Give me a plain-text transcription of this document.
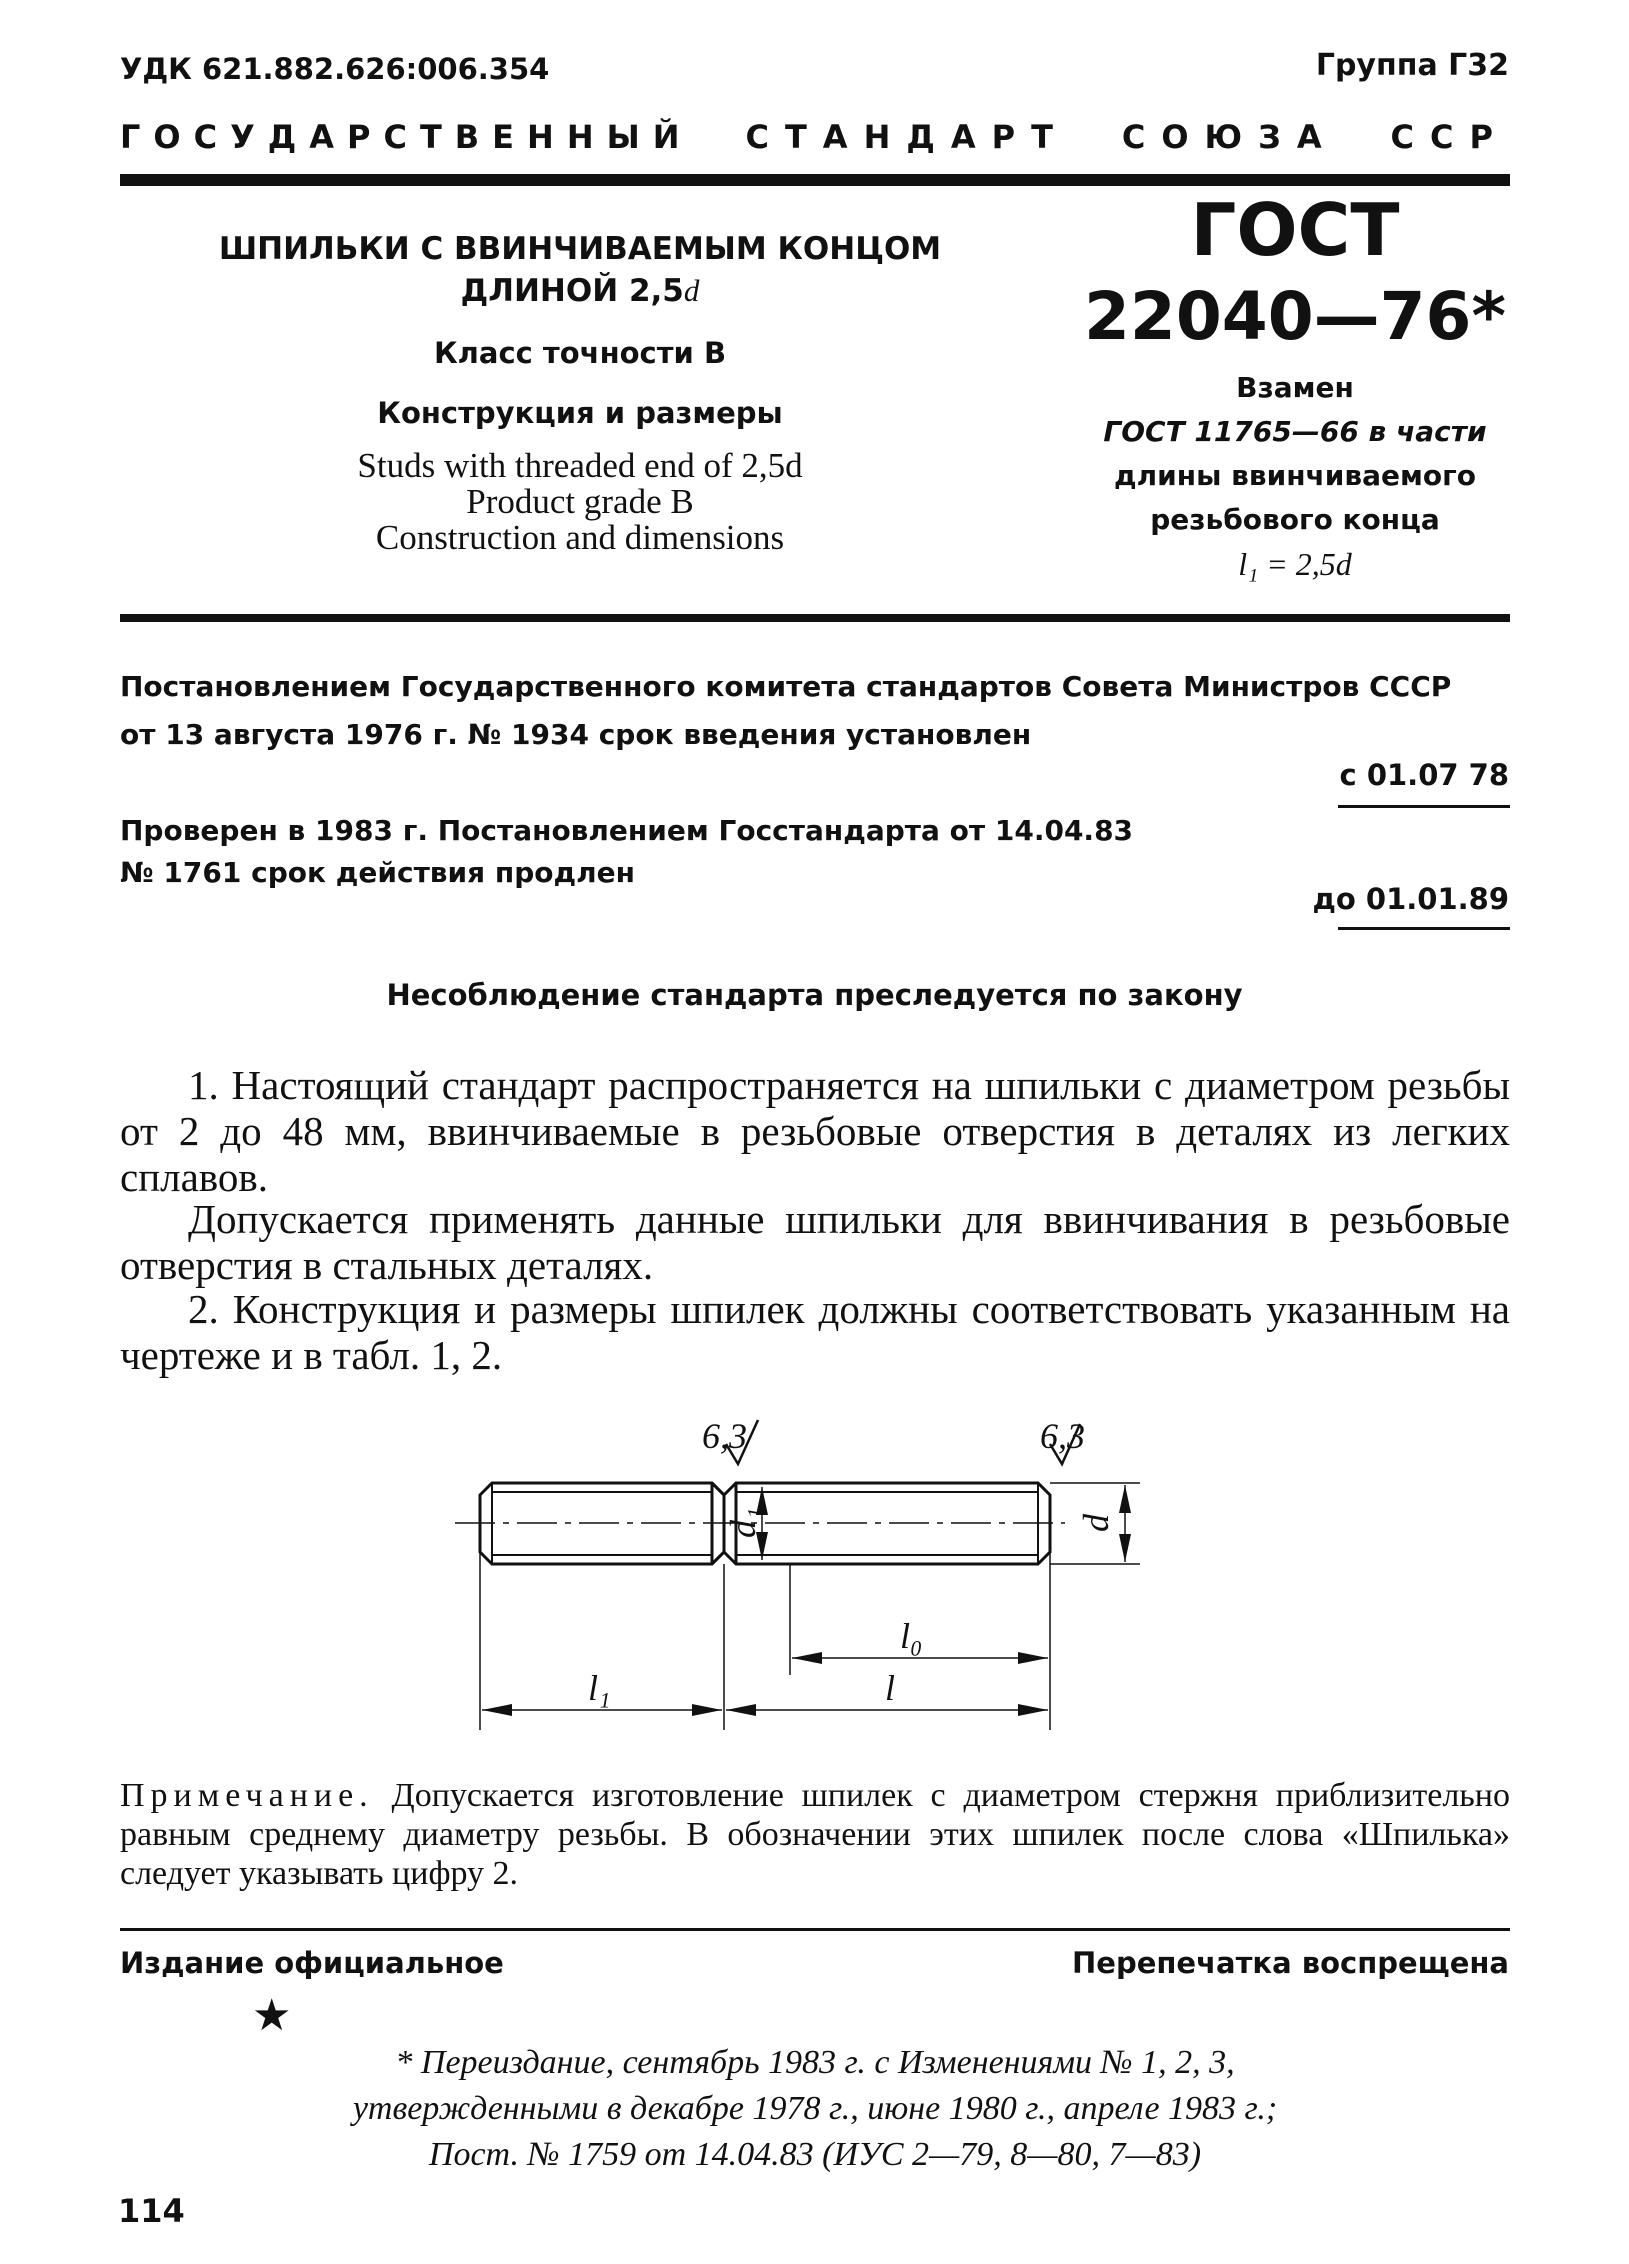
УДК 621.882.626:006.354	Группа Г32
ГОСУДАРСТВЕННЫЙ СТАНДАРТ СОЮЗА ССР
ШПИЛЬКИ С ВВИНЧИВАЕМЫМ КОНЦОМ
ДЛИНОЙ 2,5d
Класс точности В
Конструкция и размеры
Studs with threaded end of 2,5d
Product grade B
Construction and dimensions
ГОСТ
22040—76*
Взамен
ГОСТ 11765—66 в части
длины ввинчиваемого
резьбового конца
l₁ = 2,5d
Постановлением Государственного комитета стандартов Совета Министров СССР
от 13 августа 1976 г. № 1934 срок введения установлен
с 01.07 78
Проверен в 1983 г. Постановлением Госстандарта от 14.04.83
№ 1761 срок действия продлен
до 01.01.89
Несоблюдение стандарта преследуется по закону
1. Настоящий стандарт распространяется на шпильки с диаметром резьбы от 2 до 48 мм, ввинчиваемые в резьбовые отверстия в деталях из легких сплавов.
Допускается применять данные шпильки для ввинчивания в резьбовые отверстия в стальных деталях.
2. Конструкция и размеры шпилек должны соответствовать указанным на чертеже и в табл. 1, 2.
6,3	6,3
l₀
l₁	l
d₁	d
Примечание. Допускается изготовление шпилек с диаметром стержня приблизительно равным среднему диаметру резьбы. В обозначении этих шпилек после слова «Шпилька» следует указывать цифру 2.
Издание официальное	Перепечатка воспрещена
★
* Переиздание, сентябрь 1983 г. с Изменениями № 1, 2, 3,
утвержденными в декабре 1978 г., июне 1980 г., апреле 1983 г.;
Пост. № 1759 от 14.04.83 (ИУС 2—79, 8—80, 7—83)
114
